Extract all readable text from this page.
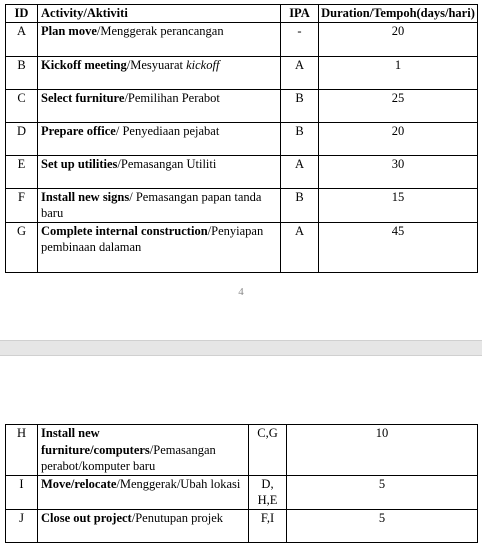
ID	Activity/Aktiviti	IPA	Duration/Tempoh(days/hari)
A	Plan move/Menggerak perancangan	-	20
B	Kickoff meeting/Mesyuarat kickoff	A	1
C	Select furniture/Pemilihan Perabot	B	25
D	Prepare office/ Penyediaan pejabat	B	20
E	Set up utilities/Pemasangan Utiliti	A	30
F	Install new signs/ Pemasangan papan tanda baru	B	15
G	Complete internal construction/Penyiapan pembinaan dalaman	A	45
4
H	Install new furniture/computers/Pemasangan perabot/komputer baru	C,G	10
I	Move/relocate/Menggerak/Ubah lokasi	D, H,E	5
J	Close out project/Penutupan projek	F,I	5
